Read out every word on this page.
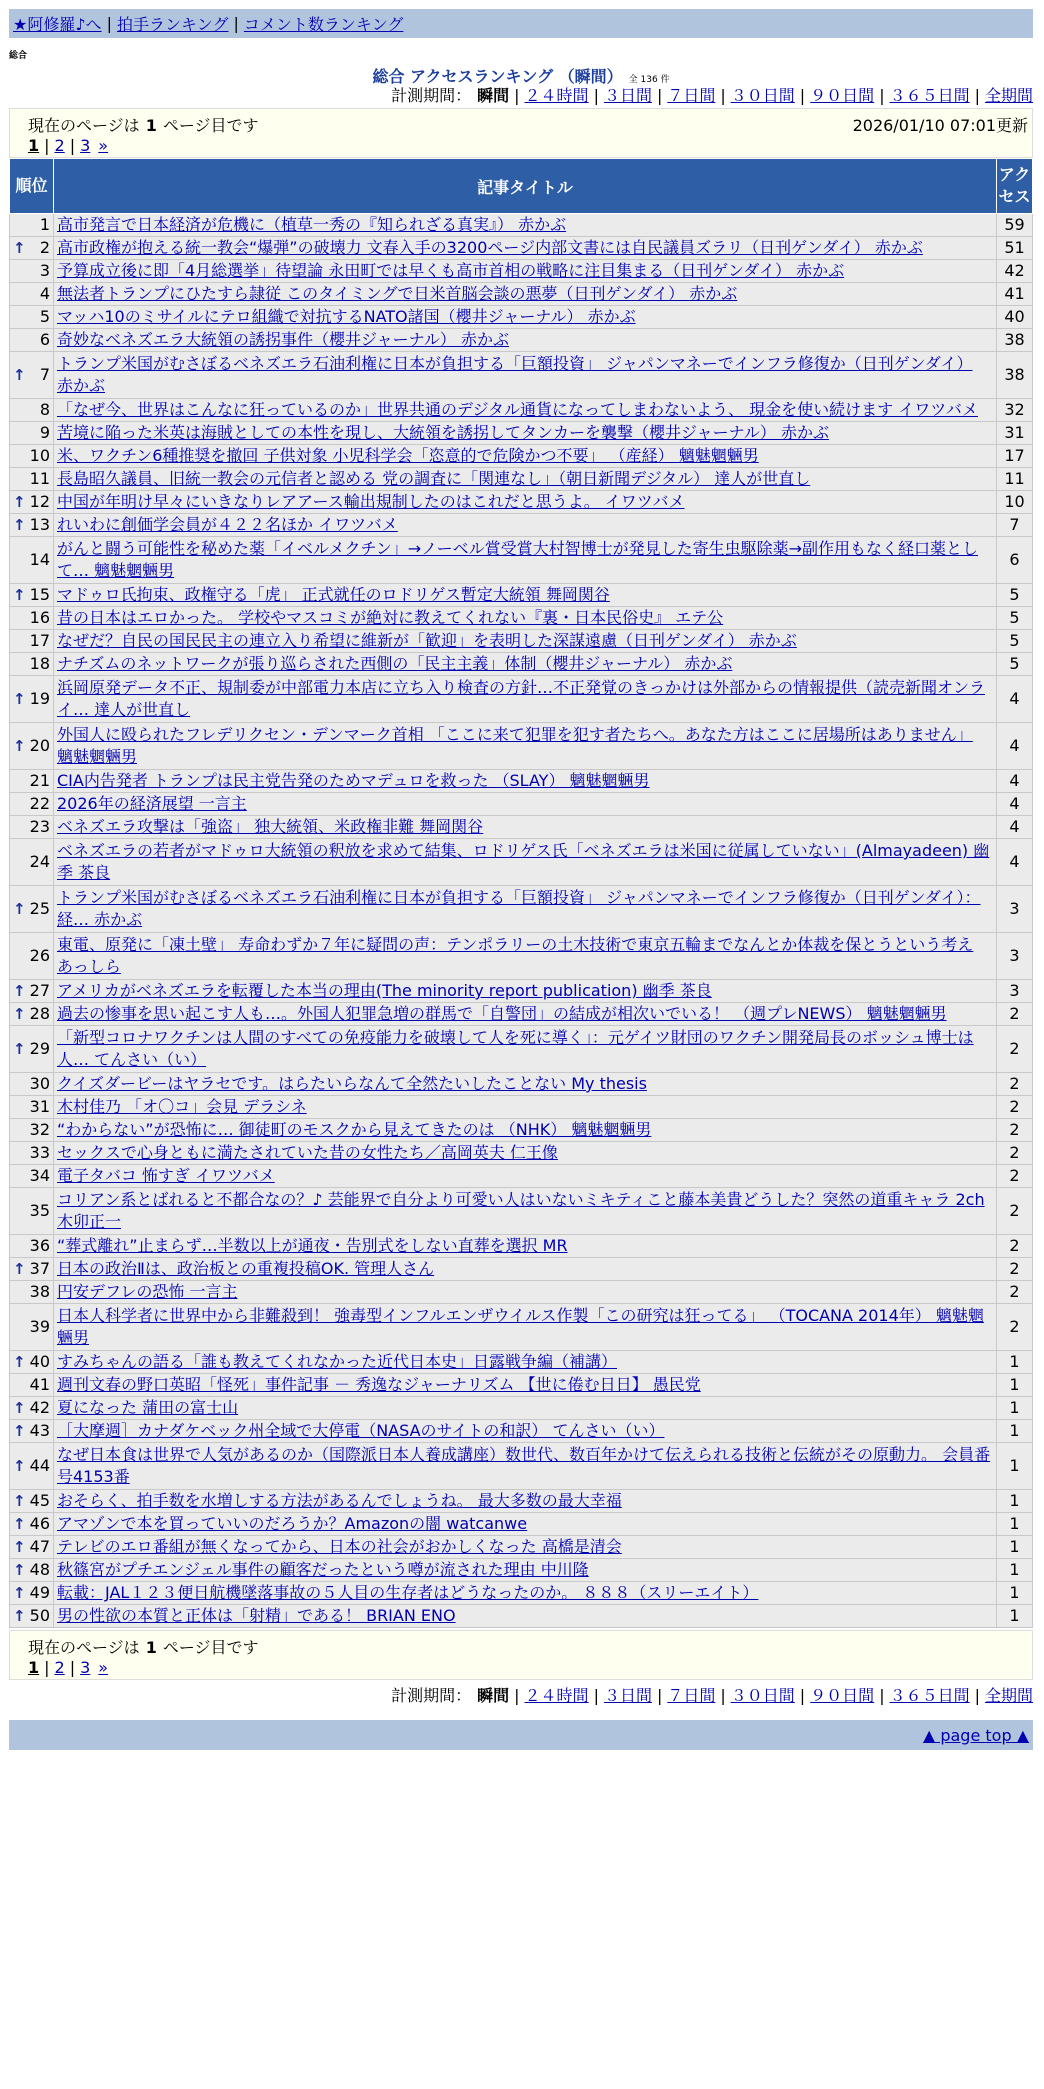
★阿修羅♪へ | 拍手ランキング | コメント数ランキング
総合
総合 アクセスランキング （瞬間） 全 136 件
計測期間： 瞬間 | ２４時間 | ３日間 | ７日間 | ３０日間 | ９０日間 | ３６５日間 | 全期間
現在のページは 1 ページ目です
1 | 2 | 3 »
2026/01/10 07:01更新
順位	記事タイトル	アクセス
1	高市発言で日本経済が危機に（植草一秀の『知られざる真実』） 赤かぶ	59

↑ 2	高市政権が抱える統一教会“爆弾”の破壊力 文春入手の3200ページ内部文書には自民議員ズラリ（日刊ゲンダイ） 赤かぶ	51
3	予算成立後に即「4月総選挙」待望論 永田町では早くも高市首相の戦略に注目集まる（日刊ゲンダイ） 赤かぶ	42
4	無法者トランプにひたすら隷従 このタイミングで日米首脳会談の悪夢（日刊ゲンダイ） 赤かぶ	41
5	マッハ10のミサイルにテロ組織で対抗するNATO諸国（櫻井ジャーナル） 赤かぶ	40
6	奇妙なベネズエラ大統領の誘拐事件（櫻井ジャーナル） 赤かぶ	38

↑ 7	トランプ米国がむさぼるベネズエラ石油利権に日本が負担する「巨額投資」 ジャパンマネーでインフラ修復か（日刊ゲンダイ） 赤かぶ	38
8	「なぜ今、世界はこんなに狂っているのか」世界共通のデジタル通貨になってしまわないよう、 現金を使い続けます イワツバメ	32
9	苦境に陥った米英は海賊としての本性を現し、大統領を誘拐してタンカーを襲撃（櫻井ジャーナル） 赤かぶ	31
10	米、ワクチン6種推奨を撤回 子供対象 小児科学会「恣意的で危険かつ不要」 （産経） 魑魅魍魎男	17
11	長島昭久議員、旧統一教会の元信者と認める 党の調査に「関連なし」（朝日新聞デジタル） 達人が世直し	11

↑ 12	中国が年明け早々にいきなりレアアース輸出規制したのはこれだと思うよ。 イワツバメ	10

↑ 13	れいわに創価学会員が４２２名ほか イワツバメ	7
14	がんと闘う可能性を秘めた薬「イベルメクチン」→ノーベル賞受賞大村智博士が発見した寄生虫駆除薬→副作用もなく経口薬として… 魑魅魍魎男	6

↑ 15	マドゥロ氏拘束、政権守る「虎」 正式就任のロドリゲス暫定大統領 舞岡関谷	5
16	昔の日本はエロかった。 学校やマスコミが絶対に教えてくれない『裏・日本民俗史』 エテ公	5
17	なぜだ？自民の国民民主の連立入り希望に維新が「歓迎」を表明した深謀遠慮（日刊ゲンダイ） 赤かぶ	5
18	ナチズムのネットワークが張り巡らされた西側の「民主主義」体制（櫻井ジャーナル） 赤かぶ	5

↑ 19	浜岡原発データ不正、規制委が中部電力本店に立ち入り検査の方針…不正発覚のきっかけは外部からの情報提供（読売新聞オンライ… 達人が世直し	4

↑ 20	外国人に殴られたフレデリクセン・デンマーク首相 「ここに来て犯罪を犯す者たちへ。あなた方はここに居場所はありません」 魑魅魍魎男	4
21	CIA内告発者 トランプは民主党告発のためマデュロを救った （SLAY） 魑魅魍魎男	4
22	2026年の経済展望 一言主	4
23	ベネズエラ攻撃は「強盗」 独大統領、米政権非難 舞岡関谷	4
24	ベネズエラの若者がマドゥロ大統領の釈放を求めて結集、ロドリゲス氏「ベネズエラは米国に従属していない」(Almayadeen) 幽季 茶良	4

↑ 25	トランプ米国がむさぼるベネズエラ石油利権に日本が負担する「巨額投資」 ジャパンマネーでインフラ修復か（日刊ゲンダイ）： 経… 赤かぶ	3
26	東電、原発に「凍土壁」 寿命わずか７年に疑問の声：テンポラリーの土木技術で東京五輪までなんとか体裁を保とうという考え あっしら	3

↑ 27	アメリカがベネズエラを転覆した本当の理由(The minority report publication) 幽季 茶良	3

↑ 28	過去の惨事を思い起こす人も…。外国人犯罪急増の群馬で「自警団」の結成が相次いでいる！ （週プレNEWS） 魑魅魍魎男	2

↑ 29	「新型コロナワクチンは人間のすべての免疫能力を破壊して人を死に導く」：元ゲイツ財団のワクチン開発局長のボッシュ博士は人… てんさい（い）	2
30	クイズダービーはヤラセです。はらたいらなんて全然たいしたことない My thesis	2
31	木村佳乃 「オ〇コ」会見 デラシネ	2
32	“わからない”が恐怖に… 御徒町のモスクから見えてきたのは （NHK） 魑魅魍魎男	2
33	セックスで心身ともに満たされていた昔の女性たち／高岡英夫 仁王像	2
34	電子タバコ 怖すぎ イワツバメ	2
35	コリアン系とばれると不都合なの？♪ 芸能界で自分より可愛い人はいないミキティこと藤本美貴どうした？突然の道重キャラ 2ch 木卯正一	2
36	“葬式離れ”止まらず…半数以上が通夜・告別式をしない直葬を選択 MR	2

↑ 37	日本の政治Ⅱは、政治板との重複投稿OK. 管理人さん	2
38	円安デフレの恐怖 一言主	2
39	日本人科学者に世界中から非難殺到！ 強毒型インフルエンザウイルス作製「この研究は狂ってる」 （TOCANA 2014年） 魑魅魍魎男	2

↑ 40	すみちゃんの語る「誰も教えてくれなかった近代日本史」日露戦争編（補講）	1
41	週刊文春の野口英昭「怪死」事件記事 － 秀逸なジャーナリズム 【世に倦む日日】 愚民党	1

↑ 42	夏になった 蒲田の富士山	1

↑ 43	［大摩週］カナダケベック州全域で大停電（NASAのサイトの和訳） てんさい（い）	1

↑ 44	なぜ日本食は世界で人気があるのか（国際派日本人養成講座）数世代、数百年かけて伝えられる技術と伝統がその原動力。 会員番号4153番	1

↑ 45	おそらく、拍手数を水増しする方法があるんでしょうね。 最大多数の最大幸福	1

↑ 46	アマゾンで本を買っていいのだろうか？Amazonの闇 watcanwe	1

↑ 47	テレビのエロ番組が無くなってから、日本の社会がおかしくなった 高橋是清会	1

↑ 48	秋篠宮がプチエンジェル事件の顧客だったという噂が流された理由 中川隆	1

↑ 49	転載：JAL１２３便日航機墜落事故の５人目の生存者はどうなったのか。 ８８８（スリーエイト）	1

↑ 50	男の性欲の本質と正体は「射精」である！ BRIAN ENO	1
現在のページは 1 ページ目です
1 | 2 | 3 »
計測期間： 瞬間 | ２４時間 | ３日間 | ７日間 | ３０日間 | ９０日間 | ３６５日間 | 全期間
▲ page top ▲
